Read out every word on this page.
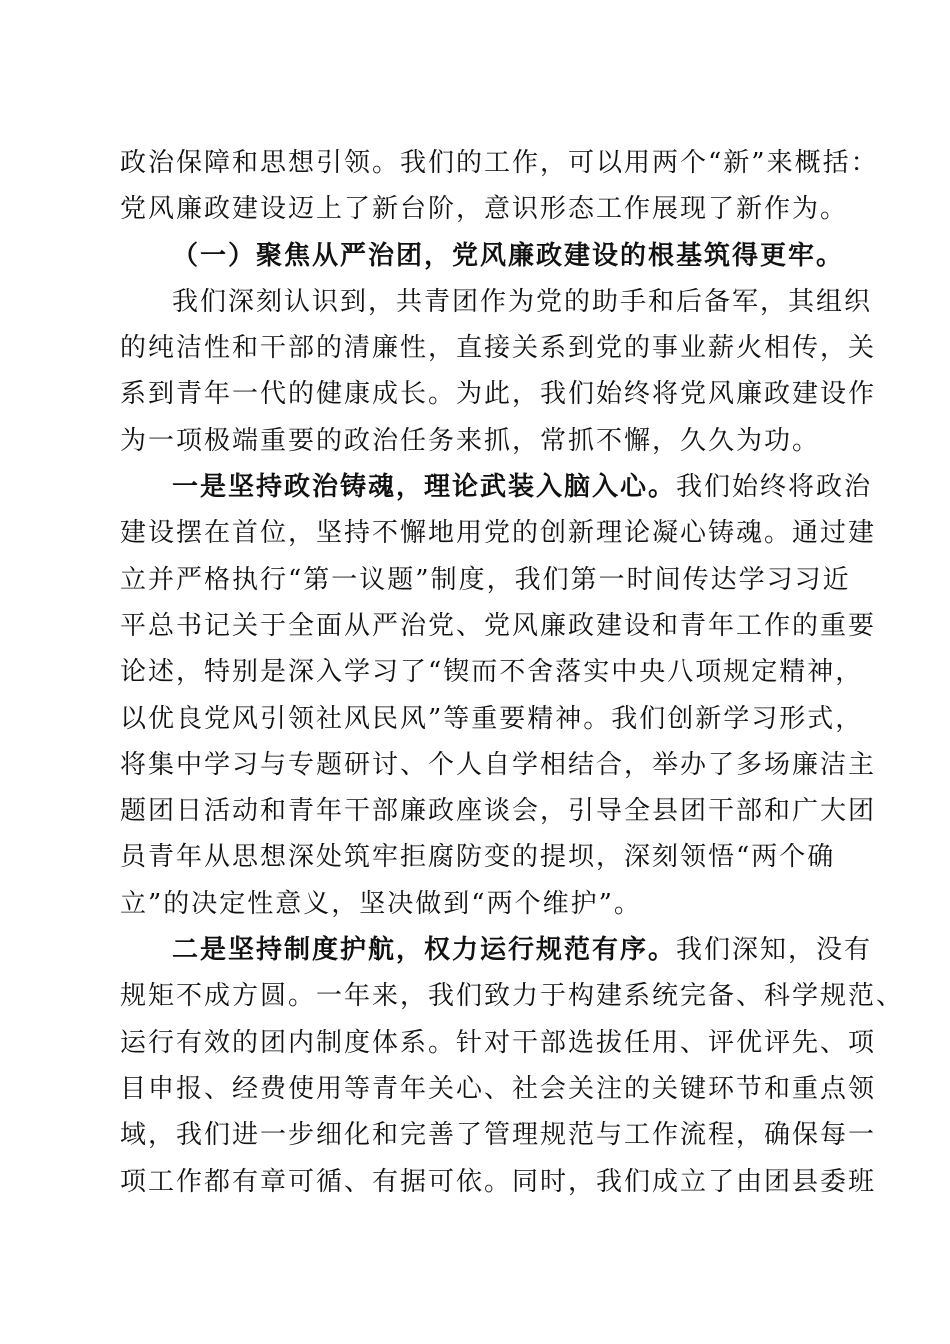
政治保障和思想引领。我们的工作，可以用两个“新”来概括：
党风廉政建设迈上了新台阶，意识形态工作展现了新作为。
（一）聚焦从严治团，党风廉政建设的根基筑得更牢。
我们深刻认识到，共青团作为党的助手和后备军，其组织
的纯洁性和干部的清廉性，直接关系到党的事业薪火相传，关
系到青年一代的健康成长。为此，我们始终将党风廉政建设作
为一项极端重要的政治任务来抓，常抓不懈，久久为功。
一是坚持政治铸魂，理论武装入脑入心。我们始终将政治
建设摆在首位，坚持不懈地用党的创新理论凝心铸魂。通过建
立并严格执行“第一议题”制度，我们第一时间传达学习习近
平总书记关于全面从严治党、党风廉政建设和青年工作的重要
论述，特别是深入学习了“锲而不舍落实中央八项规定精神，
以优良党风引领社风民风”等重要精神。我们创新学习形式，
将集中学习与专题研讨、个人自学相结合，举办了多场廉洁主
题团日活动和青年干部廉政座谈会，引导全县团干部和广大团
员青年从思想深处筑牢拒腐防变的提坝，深刻领悟“两个确
立”的决定性意义，坚决做到“两个维护”。
二是坚持制度护航，权力运行规范有序。我们深知，没有
规矩不成方圆。一年来，我们致力于构建系统完备、科学规范、
运行有效的团内制度体系。针对干部选拔任用、评优评先、项
目申报、经费使用等青年关心、社会关注的关键环节和重点领
域，我们进一步细化和完善了管理规范与工作流程，确保每一
项工作都有章可循、有据可依。同时，我们成立了由团县委班
